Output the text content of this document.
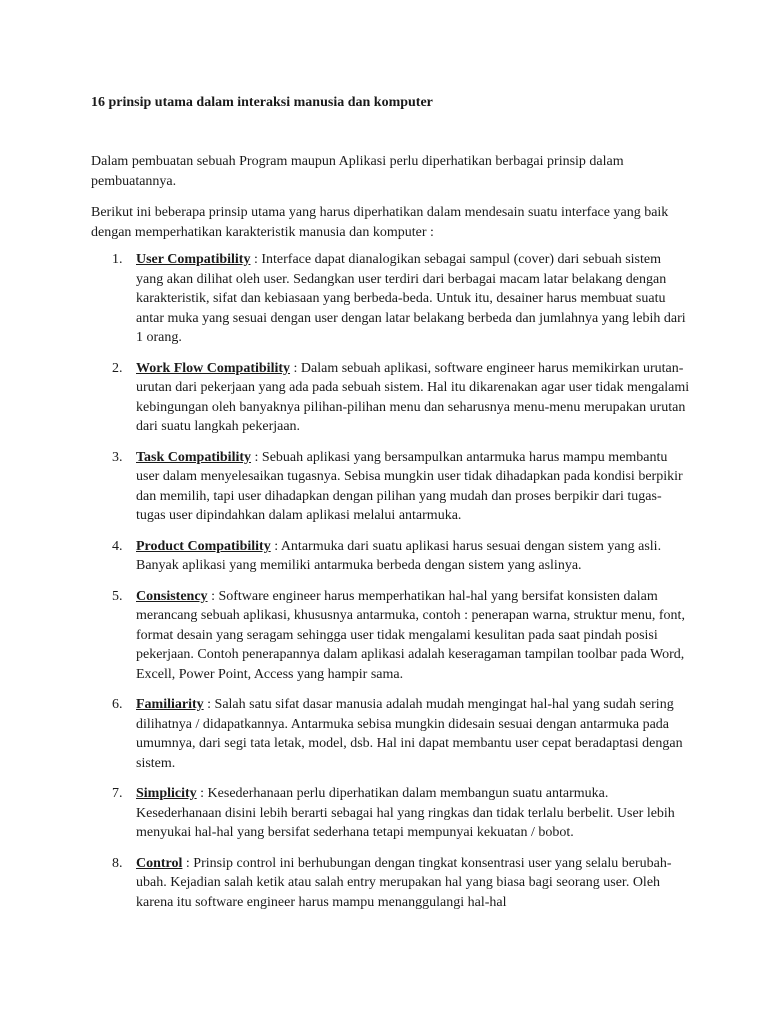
16 prinsip utama dalam interaksi manusia dan komputer

Dalam pembuatan sebuah Program maupun Aplikasi perlu diperhatikan berbagai prinsip dalam pembuatannya.

Berikut ini beberapa prinsip utama yang harus diperhatikan dalam mendesain suatu interface yang baik dengan memperhatikan karakteristik manusia dan komputer :

1. User Compatibility : Interface dapat dianalogikan sebagai sampul (cover) dari sebuah sistem yang akan dilihat oleh user. Sedangkan user terdiri dari berbagai macam latar belakang dengan karakteristik, sifat dan kebiasaan yang berbeda-beda. Untuk itu, desainer harus membuat suatu antar muka yang sesuai dengan user dengan latar belakang berbeda dan jumlahnya yang lebih dari 1 orang.
2. Work Flow Compatibility : Dalam sebuah aplikasi, software engineer harus memikirkan urutan-urutan dari pekerjaan yang ada pada sebuah sistem. Hal itu dikarenakan agar user tidak mengalami kebingungan oleh banyaknya pilihan-pilihan menu dan seharusnya menu-menu merupakan urutan dari suatu langkah pekerjaan.
3. Task Compatibility : Sebuah aplikasi yang bersampulkan antarmuka harus mampu membantu user dalam menyelesaikan tugasnya. Sebisa mungkin user tidak dihadapkan pada kondisi berpikir dan memilih, tapi user dihadapkan dengan pilihan yang mudah dan proses berpikir dari tugas-tugas user dipindahkan dalam aplikasi melalui antarmuka.
4. Product Compatibility : Antarmuka dari suatu aplikasi harus sesuai dengan sistem yang asli. Banyak aplikasi yang memiliki antarmuka berbeda dengan sistem yang aslinya.
5. Consistency : Software engineer harus memperhatikan hal-hal yang bersifat konsisten dalam merancang sebuah aplikasi, khususnya antarmuka, contoh : penerapan warna, struktur menu, font, format desain yang seragam sehingga user tidak mengalami kesulitan pada saat pindah posisi pekerjaan. Contoh penerapannya dalam aplikasi adalah keseragaman tampilan toolbar pada Word, Excell, Power Point, Access yang hampir sama.
6. Familiarity : Salah satu sifat dasar manusia adalah mudah mengingat hal-hal yang sudah sering dilihatnya / didapatkannya. Antarmuka sebisa mungkin didesain sesuai dengan antarmuka pada umumnya, dari segi tata letak, model, dsb. Hal ini dapat membantu user cepat beradaptasi dengan sistem.
7. Simplicity : Kesederhanaan perlu diperhatikan dalam membangun suatu antarmuka. Kesederhanaan disini lebih berarti sebagai hal yang ringkas dan tidak terlalu berbelit. User lebih menyukai hal-hal yang bersifat sederhana tetapi mempunyai kekuatan / bobot.
8. Control : Prinsip control ini berhubungan dengan tingkat konsentrasi user yang selalu berubah-ubah. Kejadian salah ketik atau salah entry merupakan hal yang biasa bagi seorang user. Oleh karena itu software engineer harus mampu menanggulangi hal-hal
